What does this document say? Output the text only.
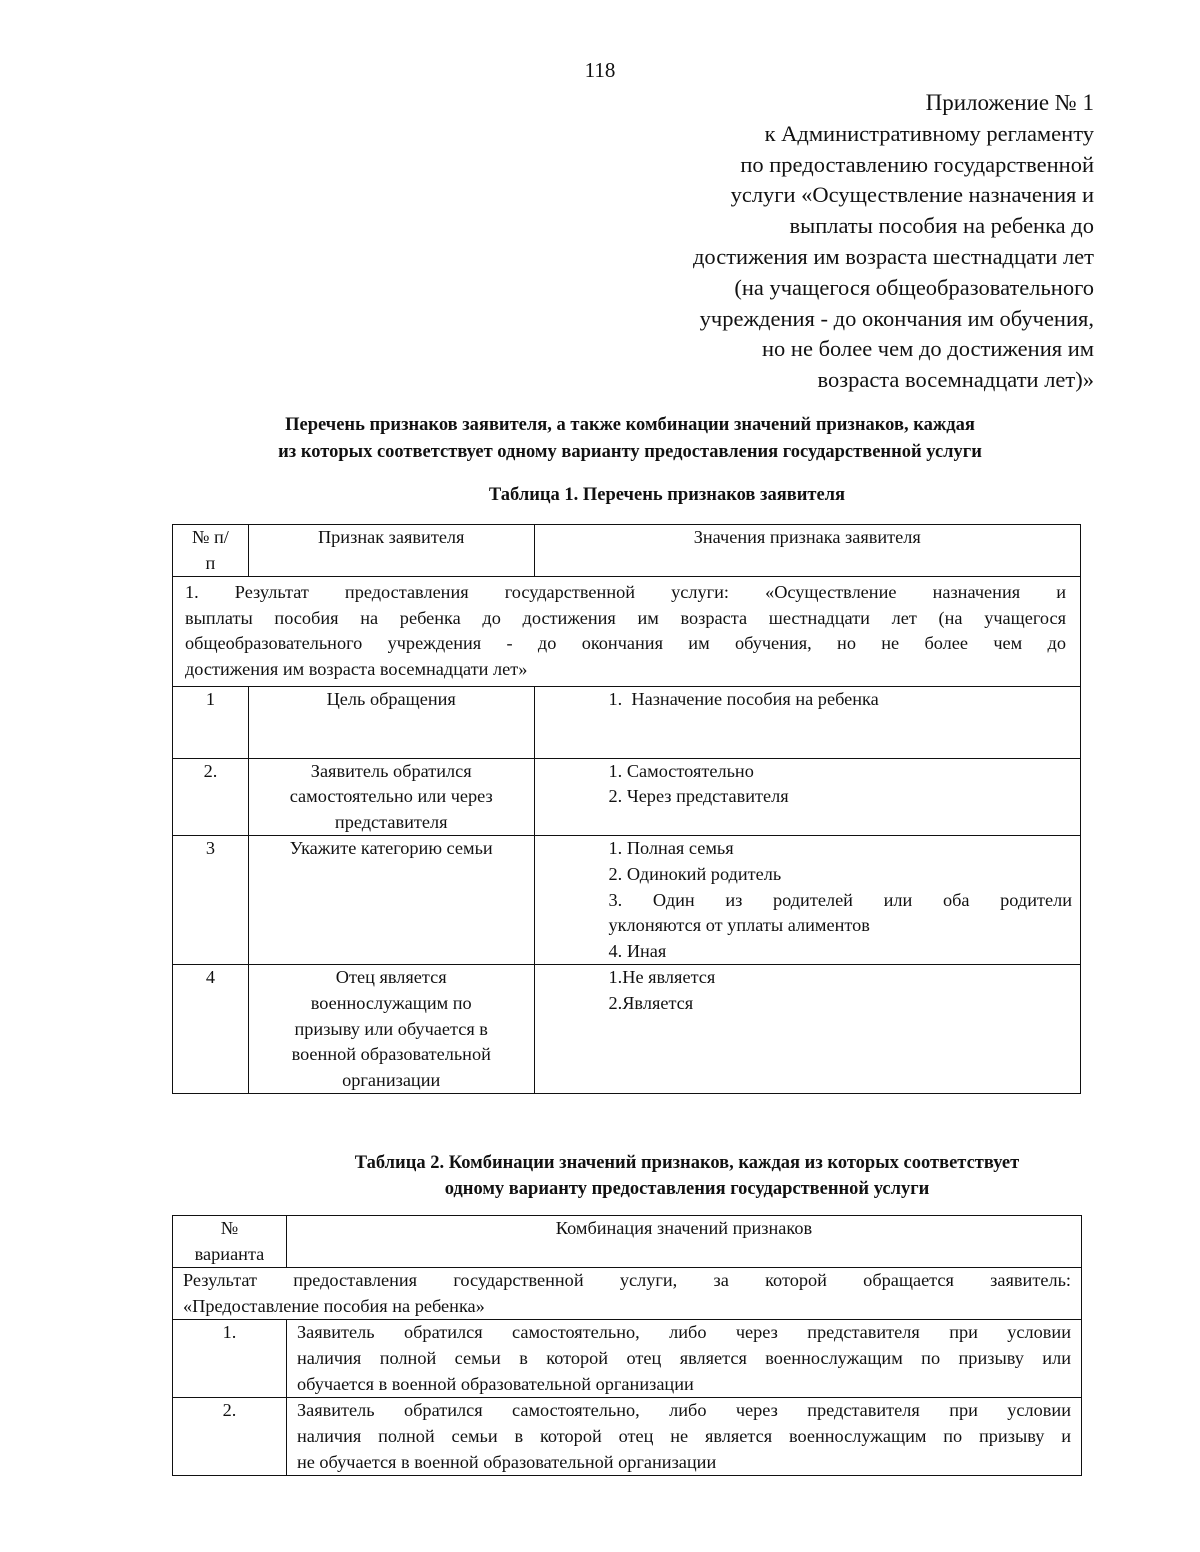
118
Приложение № 1
к Административному регламенту
по предоставлению государственной
услуги «Осуществление назначения и
выплаты пособия на ребенка до
достижения им возраста шестнадцати лет
(на учащегося общеобразовательного
учреждения - до окончания им обучения,
но не более чем до достижения им
возраста восемнадцати лет)»
Перечень признаков заявителя, а также комбинации значений признаков, каждая
из которых соответствует одному варианту предоставления государственной услуги
Таблица 1. Перечень признаков заявителя
№ п/п	Признак заявителя	Значения признака заявителя

1. Результат предоставления государственной услуги: «Осуществление назначения и
выплаты пособия на ребенка до достижения им возраста шестнадцати лет (на учащегося
общеобразовательного учреждения - до окончания им обучения, но не более чем до
достижения им возраста восемнадцати лет»		

1	Цель обращения	1.  Назначение пособия на ребенка

2.	Заявитель обратился
самостоятельно или через
представителя	1. Самостоятельно
2. Через представителя

3	Укажите категорию семьи	1. Полная семья
2. Одинокий родитель
3. Один из родителей или оба родители
уклоняются от уплаты алиментов
4. Иная

4	Отец является
военнослужащим по
призыву или обучается в
военной образовательной
организации	1.Не является
2.Является
Таблица 2. Комбинации значений признаков, каждая из которых соответствует
одному варианту предоставления государственной услуги
№ варианта	Комбинация значений признаков

Результат предоставления государственной услуги, за которой обращается заявитель:
«Предоставление пособия на ребенка»	

1.	Заявитель обратился самостоятельно, либо через представителя при условии
наличия полной семьи в которой отец является военнослужащим по призыву или
обучается в военной образовательной организации

2.	Заявитель обратился самостоятельно, либо через представителя при условии
наличия полной семьи в которой отец не является военнослужащим по призыву и
не обучается в военной образовательной организации
